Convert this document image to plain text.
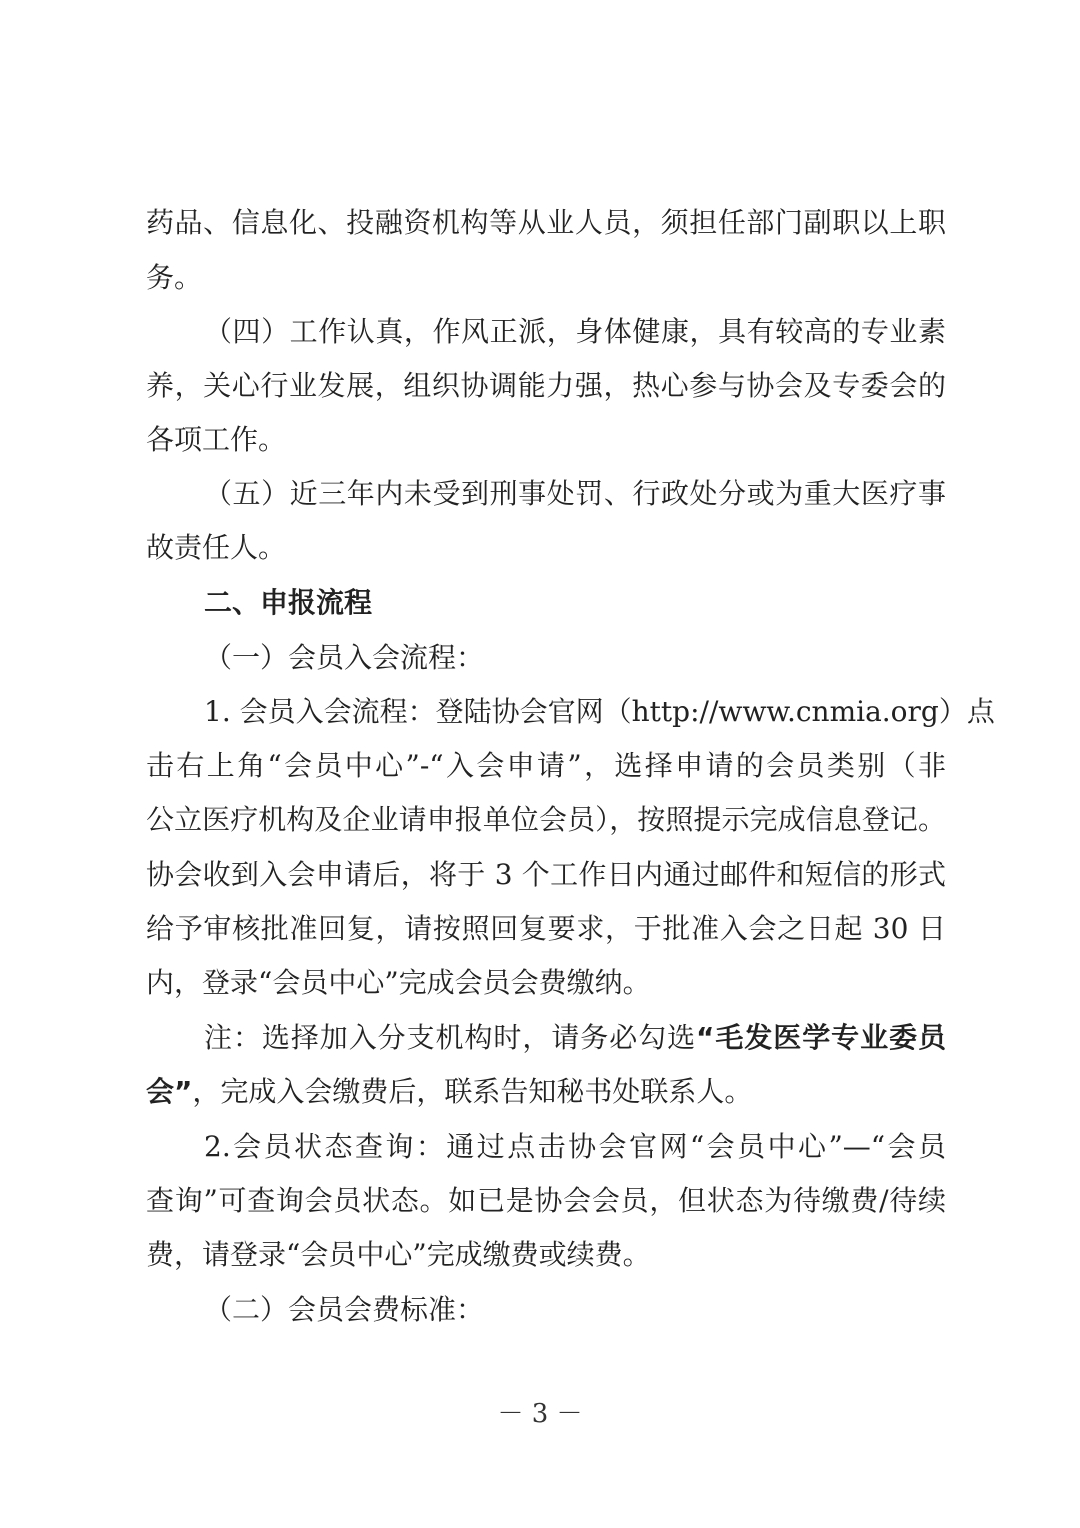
药品、信息化、投融资机构等从业人员，须担任部门副职以上职
务。
（四）工作认真，作风正派，身体健康，具有较高的专业素
养，关心行业发展，组织协调能力强，热心参与协会及专委会的
各项工作。
（五）近三年内未受到刑事处罚、行政处分或为重大医疗事
故责任人。
二、申报流程
（一）会员入会流程：
1. 会员入会流程：登陆协会官网（http://www.cnmia.org）点
击右上角“会员中心”-“入会申请”，选择申请的会员类别（非
公立医疗机构及企业请申报单位会员），按照提示完成信息登记。
协会收到入会申请后，将于 3 个工作日内通过邮件和短信的形式
给予审核批准回复，请按照回复要求，于批准入会之日起 30 日
内，登录“会员中心”完成会员会费缴纳。
注：选择加入分支机构时，请务必勾选“毛发医学专业委员
会”，完成入会缴费后，联系告知秘书处联系人。
2.会员状态查询：通过点击协会官网“会员中心”—“会员
查询”可查询会员状态。如已是协会会员，但状态为待缴费/待续
费，请登录“会员中心”完成缴费或续费。
（二）会员会费标准：
－ 3 －
